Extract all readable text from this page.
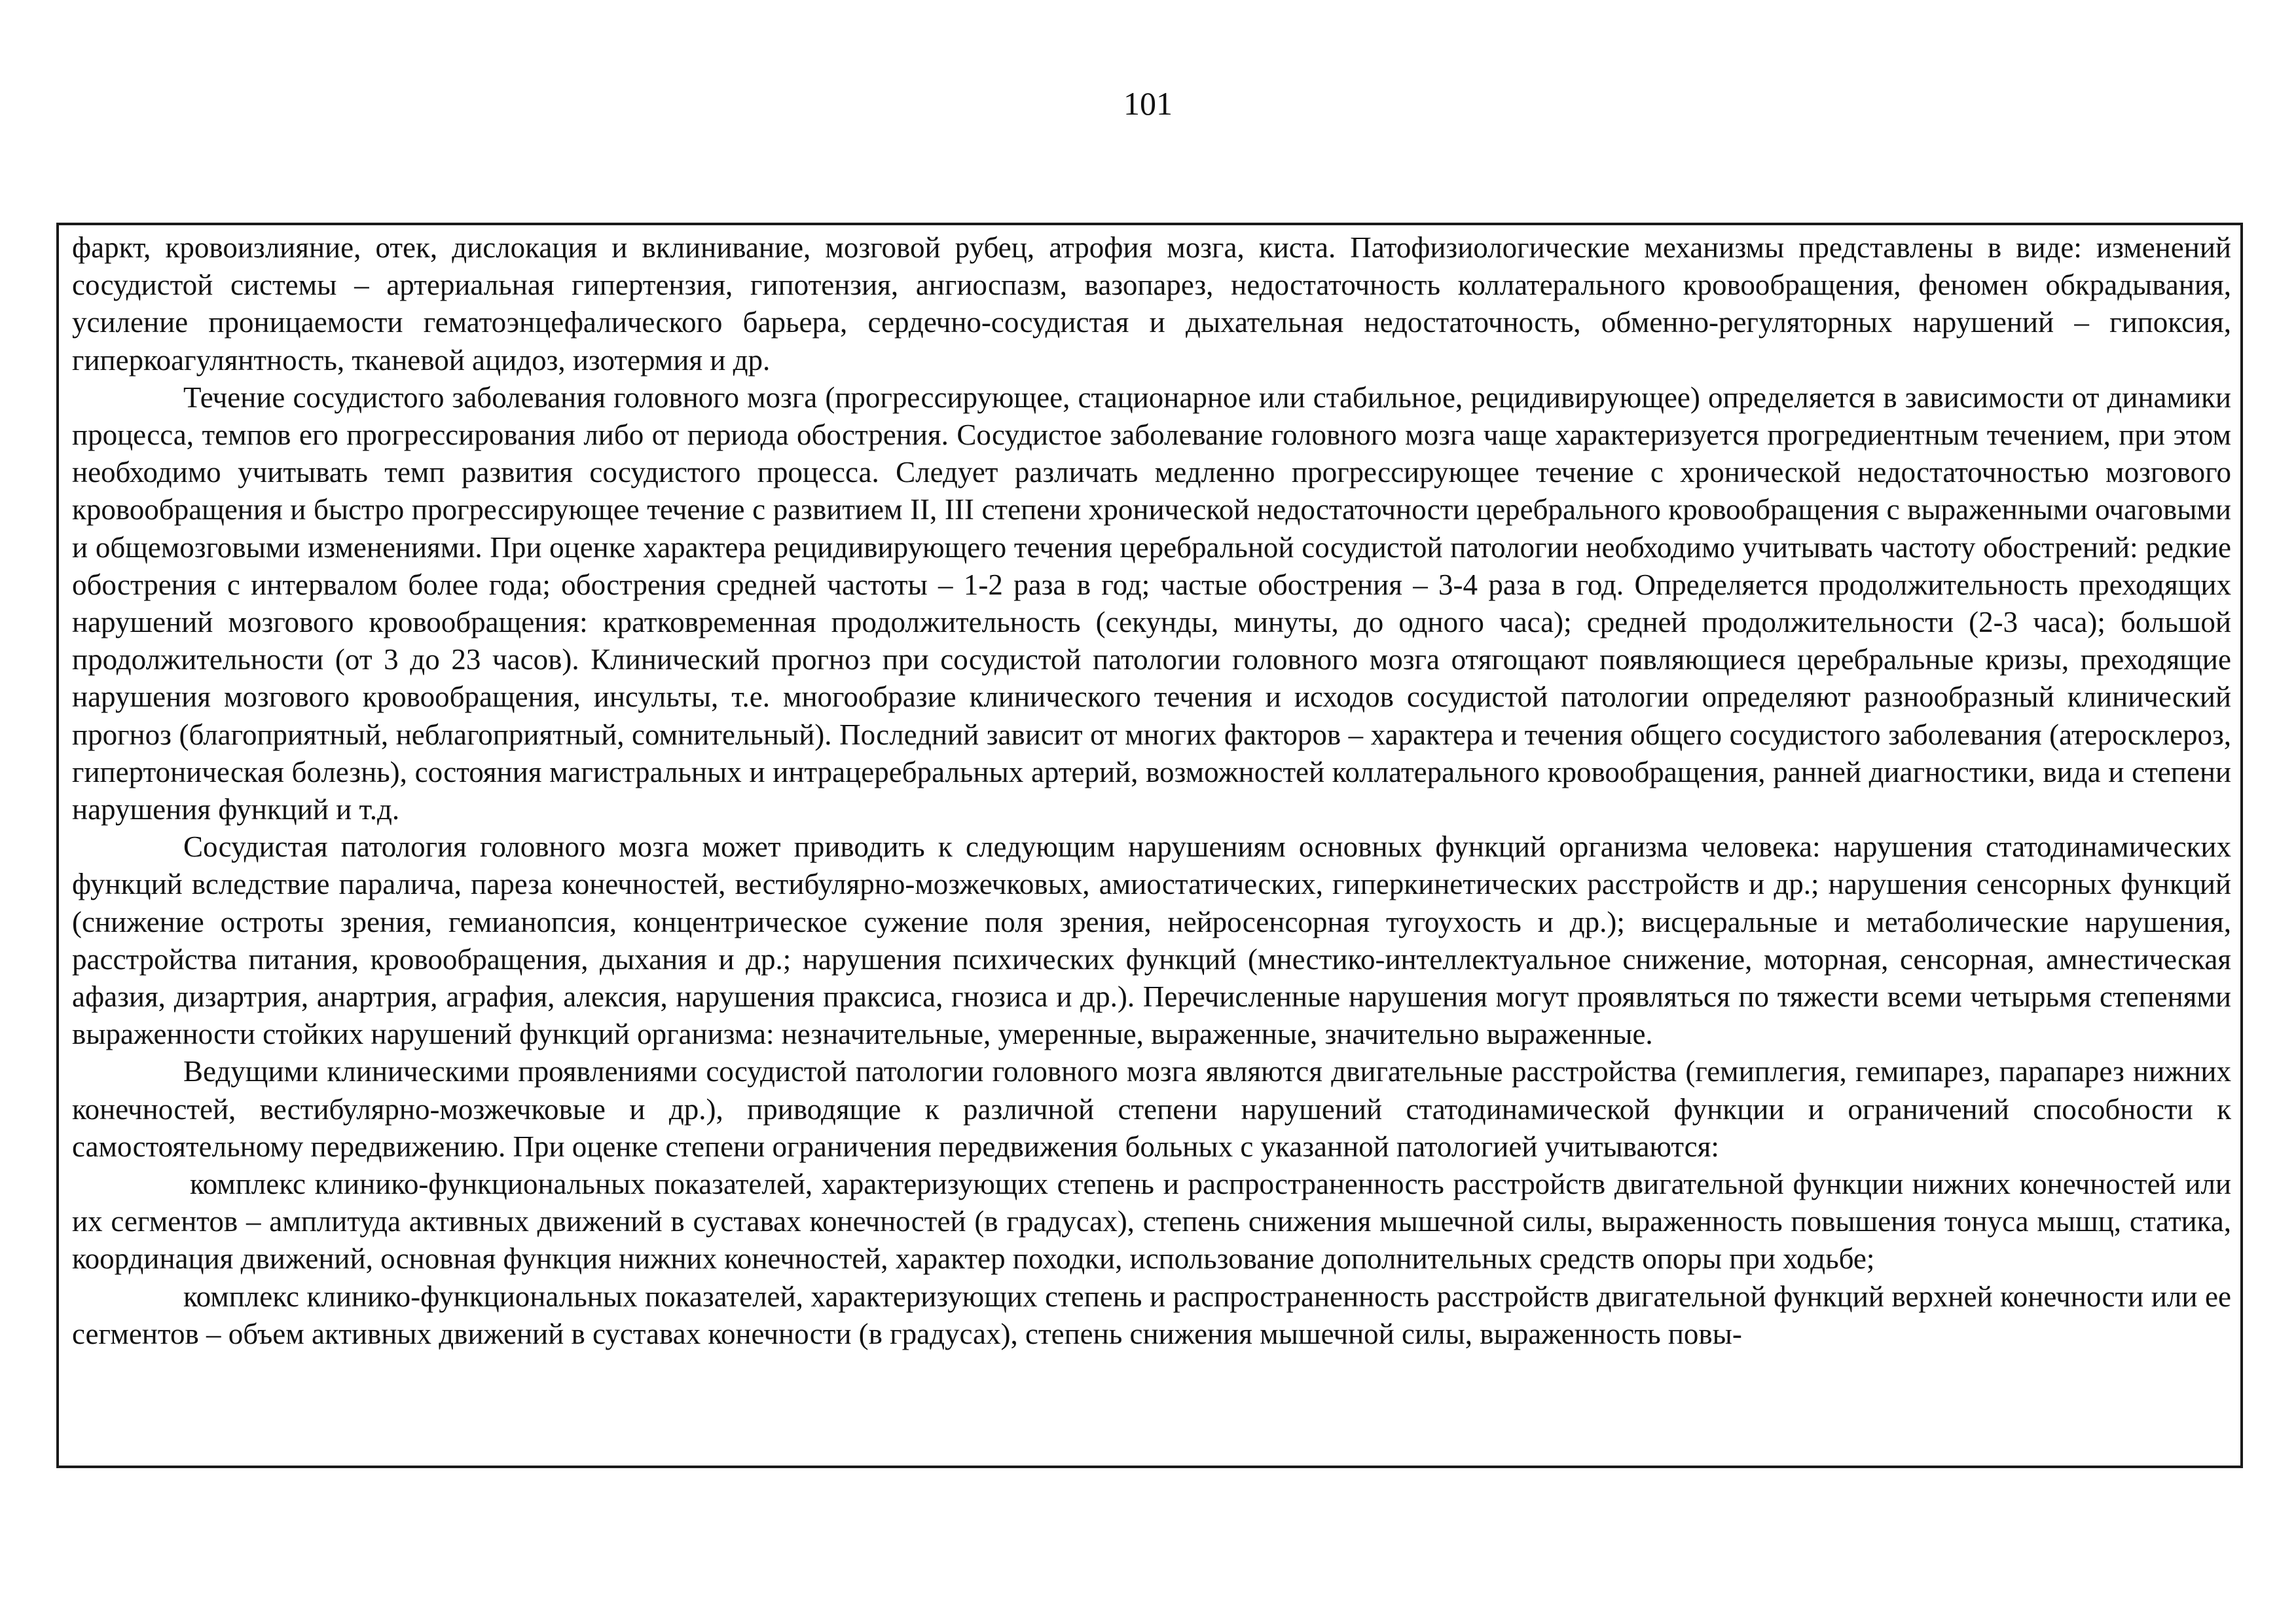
101

фаркт, кровоизлияние, отек, дислокация и вклинивание, мозговой рубец, атрофия мозга, киста. Патофизиологические механизмы представлены в виде: изменений сосудистой системы – артериальная гипертензия, гипотензия, ангиоспазм, вазопарез, недостаточность коллатерального кровообращения, феномен обкрадывания, усиление проницаемости гематоэнцефалического барьера, сердечно-сосудистая и дыхательная недостаточность, обменно-регуляторных нарушений – гипоксия, гиперкоагулянтность, тканевой ацидоз, изотермия и др.

Течение сосудистого заболевания головного мозга (прогрессирующее, стационарное или стабильное, рецидивирующее) определяется в зависимости от динамики процесса, темпов его прогрессирования либо от периода обострения. Сосудистое заболевание головного мозга чаще характеризуется прогредиентным течением, при этом необходимо учитывать темп развития сосудистого процесса. Следует различать медленно прогрессирующее течение с хронической недостаточностью мозгового кровообращения и быстро прогрессирующее течение с развитием II, III степени хронической недостаточности церебрального кровообращения с выраженными очаговыми и общемозговыми изменениями. При оценке характера рецидивирующего течения церебральной сосудистой патологии необходимо учитывать частоту обострений: редкие обострения с интервалом более года; обострения средней частоты – 1-2 раза в год; частые обострения – 3-4 раза в год. Определяется продолжительность преходящих нарушений мозгового кровообращения: кратковременная продолжительность (секунды, минуты, до одного часа); средней продолжительности (2-3 часа); большой продолжительности (от 3 до 23 часов). Клинический прогноз при сосудистой патологии головного мозга отягощают появляющиеся церебральные кризы, преходящие нарушения мозгового кровообращения, инсульты, т.е. многообразие клинического течения и исходов сосудистой патологии определяют разнообразный клинический прогноз (благоприятный, неблагоприятный, сомнительный). Последний зависит от многих факторов – характера и течения общего сосудистого заболевания (атеросклероз, гипертоническая болезнь), состояния магистральных и интрацеребральных артерий, возможностей коллатерального кровообращения, ранней диагностики, вида и степени нарушения функций и т.д.

Сосудистая патология головного мозга может приводить к следующим нарушениям основных функций организма человека: нарушения статодинамических функций вследствие паралича, пареза конечностей, вестибулярно-мозжечковых, амиостатических, гиперкинетических расстройств и др.; нарушения сенсорных функций (снижение остроты зрения, гемианопсия, концентрическое сужение поля зрения, нейросенсорная тугоухость и др.); висцеральные и метаболические нарушения, расстройства питания, кровообращения, дыхания и др.; нарушения психических функций (мнестико-интеллектуальное снижение, моторная, сенсорная, амнестическая афазия, дизартрия, анартрия, аграфия, алексия, нарушения праксиса, гнозиса и др.). Перечисленные нарушения могут проявляться по тяжести всеми четырьмя степенями выраженности стойких нарушений функций организма: незначительные, умеренные, выраженные, значительно выраженные.

Ведущими клиническими проявлениями сосудистой патологии головного мозга являются двигательные расстройства (гемиплегия, гемипарез, парапарез нижних конечностей, вестибулярно-мозжечковые и др.), приводящие к различной степени нарушений статодинамической функции и ограничений способности к самостоятельному передвижению. При оценке степени ограничения передвижения больных с указанной патологией учитываются:

комплекс клинико-функциональных показателей, характеризующих степень и распространенность расстройств двигательной функции нижних конечностей или их сегментов – амплитуда активных движений в суставах конечностей (в градусах), степень снижения мышечной силы, выраженность повышения тонуса мышц, статика, координация движений, основная функция нижних конечностей, характер походки, использование дополнительных средств опоры при ходьбе;

комплекс клинико-функциональных показателей, характеризующих степень и распространенность расстройств двигательной функций верхней конечности или ее сегментов – объем активных движений в суставах конечности (в градусах), степень снижения мышечной силы, выраженность повы-
